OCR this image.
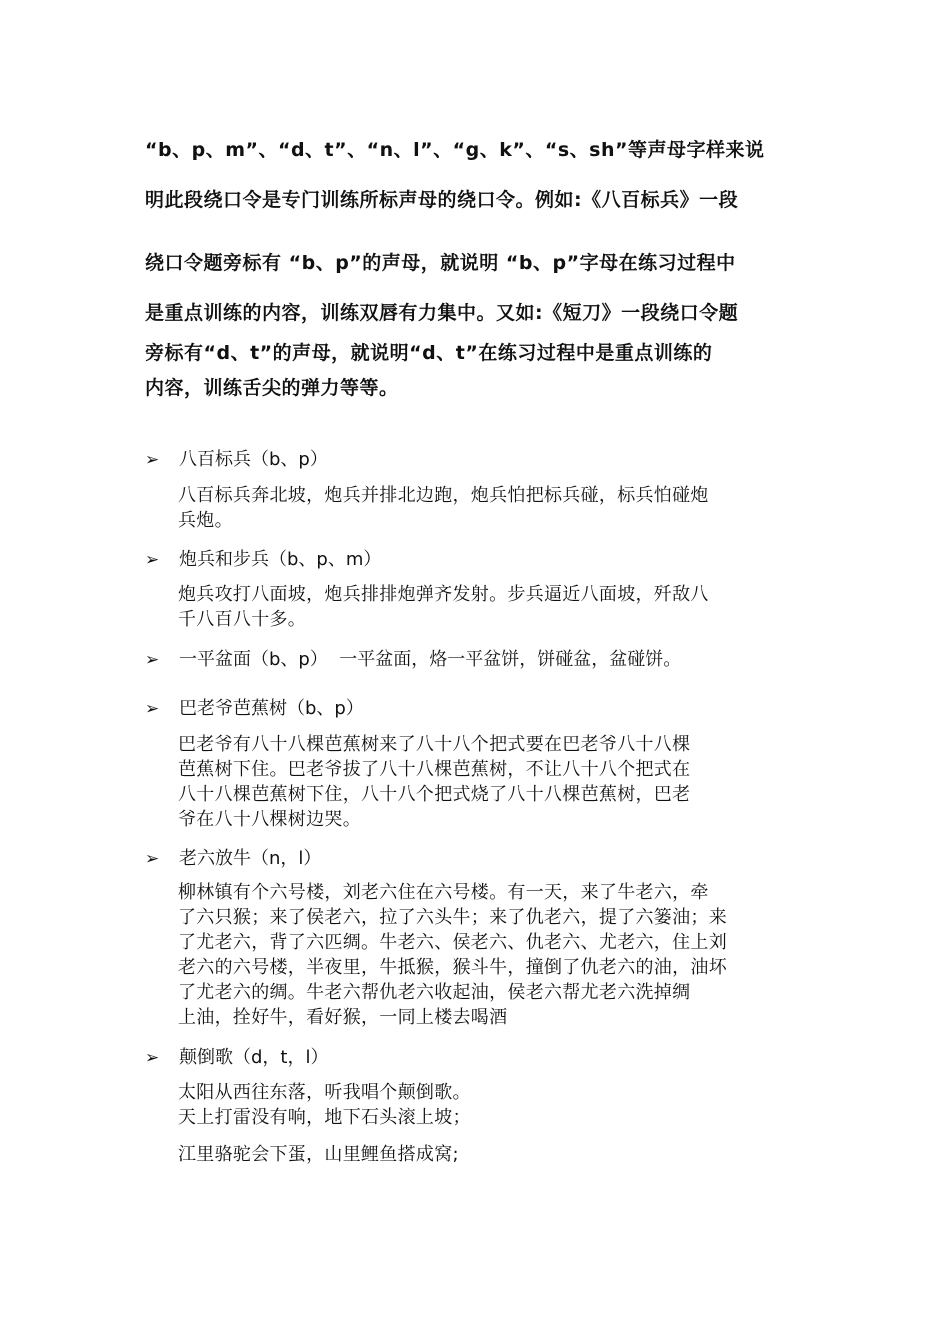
“b、p、m”、“d、t”、“n、l”、“g、k”、“s、sh”等声母字样来说
明此段绕口令是专门训练所标声母的绕口令。例如:《八百标兵》一段
绕口令题旁标有 “b、p”的声母，就说明 “b、p”字母在练习过程中
是重点训练的内容，训练双唇有力集中。又如:《短刀》一段绕口令题
旁标有“d、t”的声母，就说明“d、t”在练习过程中是重点训练的
内容，训练舌尖的弹力等等。
➢ 八百标兵（b、p）
八百标兵奔北坡，炮兵并排北边跑，炮兵怕把标兵碰，标兵怕碰炮
兵炮。
➢ 炮兵和步兵（b、p、m）
炮兵攻打八面坡，炮兵排排炮弹齐发射。步兵逼近八面坡，歼敌八
千八百八十多。
➢ 一平盆面（b、p）  一平盆面，烙一平盆饼，饼碰盆，盆碰饼。
➢ 巴老爷芭蕉树（b、p）
巴老爷有八十八棵芭蕉树来了八十八个把式要在巴老爷八十八棵
芭蕉树下住。巴老爷拔了八十八棵芭蕉树，不让八十八个把式在
八十八棵芭蕉树下住，八十八个把式烧了八十八棵芭蕉树，巴老
爷在八十八棵树边哭。
➢ 老六放牛（n，l）
柳林镇有个六号楼，刘老六住在六号楼。有一天，来了牛老六，牵
了六只猴；来了侯老六，拉了六头牛；来了仇老六，提了六篓油；来
了尤老六，背了六匹绸。牛老六、侯老六、仇老六、尤老六，住上刘
老六的六号楼，半夜里，牛抵猴，猴斗牛，撞倒了仇老六的油，油坏
了尤老六的绸。牛老六帮仇老六收起油，侯老六帮尤老六洗掉绸
上油，拴好牛，看好猴，一同上楼去喝酒
➢ 颠倒歌（d，t，l）
太阳从西往东落，听我唱个颠倒歌。
天上打雷没有响，地下石头滚上坡；
江里骆驼会下蛋，山里鲤鱼搭成窝;
